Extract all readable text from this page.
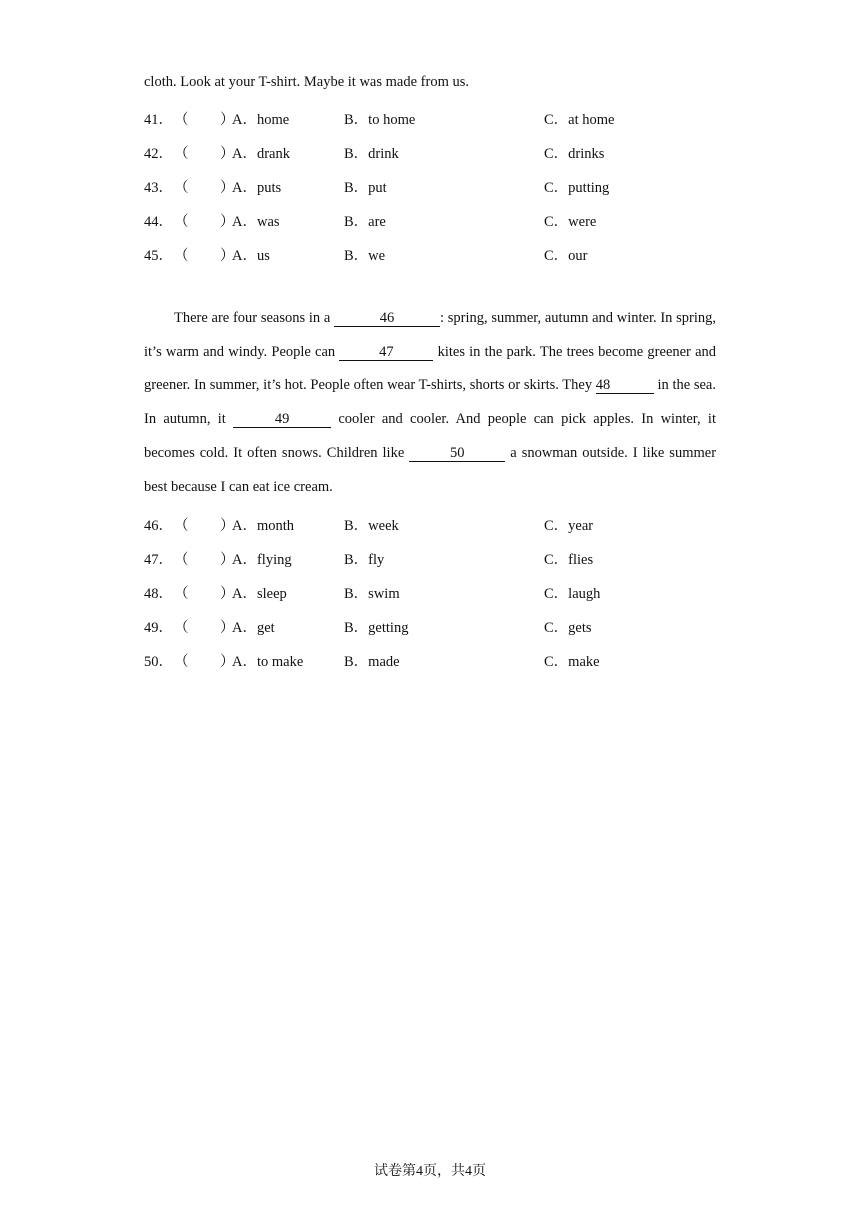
cloth. Look at your T-shirt. Maybe it was made from us.
41． （ ）
A．home	B．to home	C．at home
42． （ ）
A．drank	B．drink	C．drinks
43． （ ）
A．puts	B．put	C．putting
44． （ ）
A．was	B．are	C．were
45． （ ）
A．us	B．we	C．our

There are four seasons in a	46	: spring, summer, autumn and winter. In spring, it’s warm and windy. People can	47	kites in the park. The trees become greener and greener. In summer, it’s hot. People often wear T-shirts, shorts or skirts. They 48	in the sea. In autumn, it	49	cooler and cooler. And people can pick apples. In winter, it becomes cold. It often snows. Children like	50	a snowman outside. I like summer best because I can eat ice cream.

46． （ ）
A．month	B．week	C．year
47． （ ）
A．flying	B．fly	C．flies
48． （ ）
A．sleep	B．swim	C．laugh
49． （ ）
A．get	B．getting	C．gets
50． （ ）
A．to make	B．made	C．make
试卷第4页，共4页
